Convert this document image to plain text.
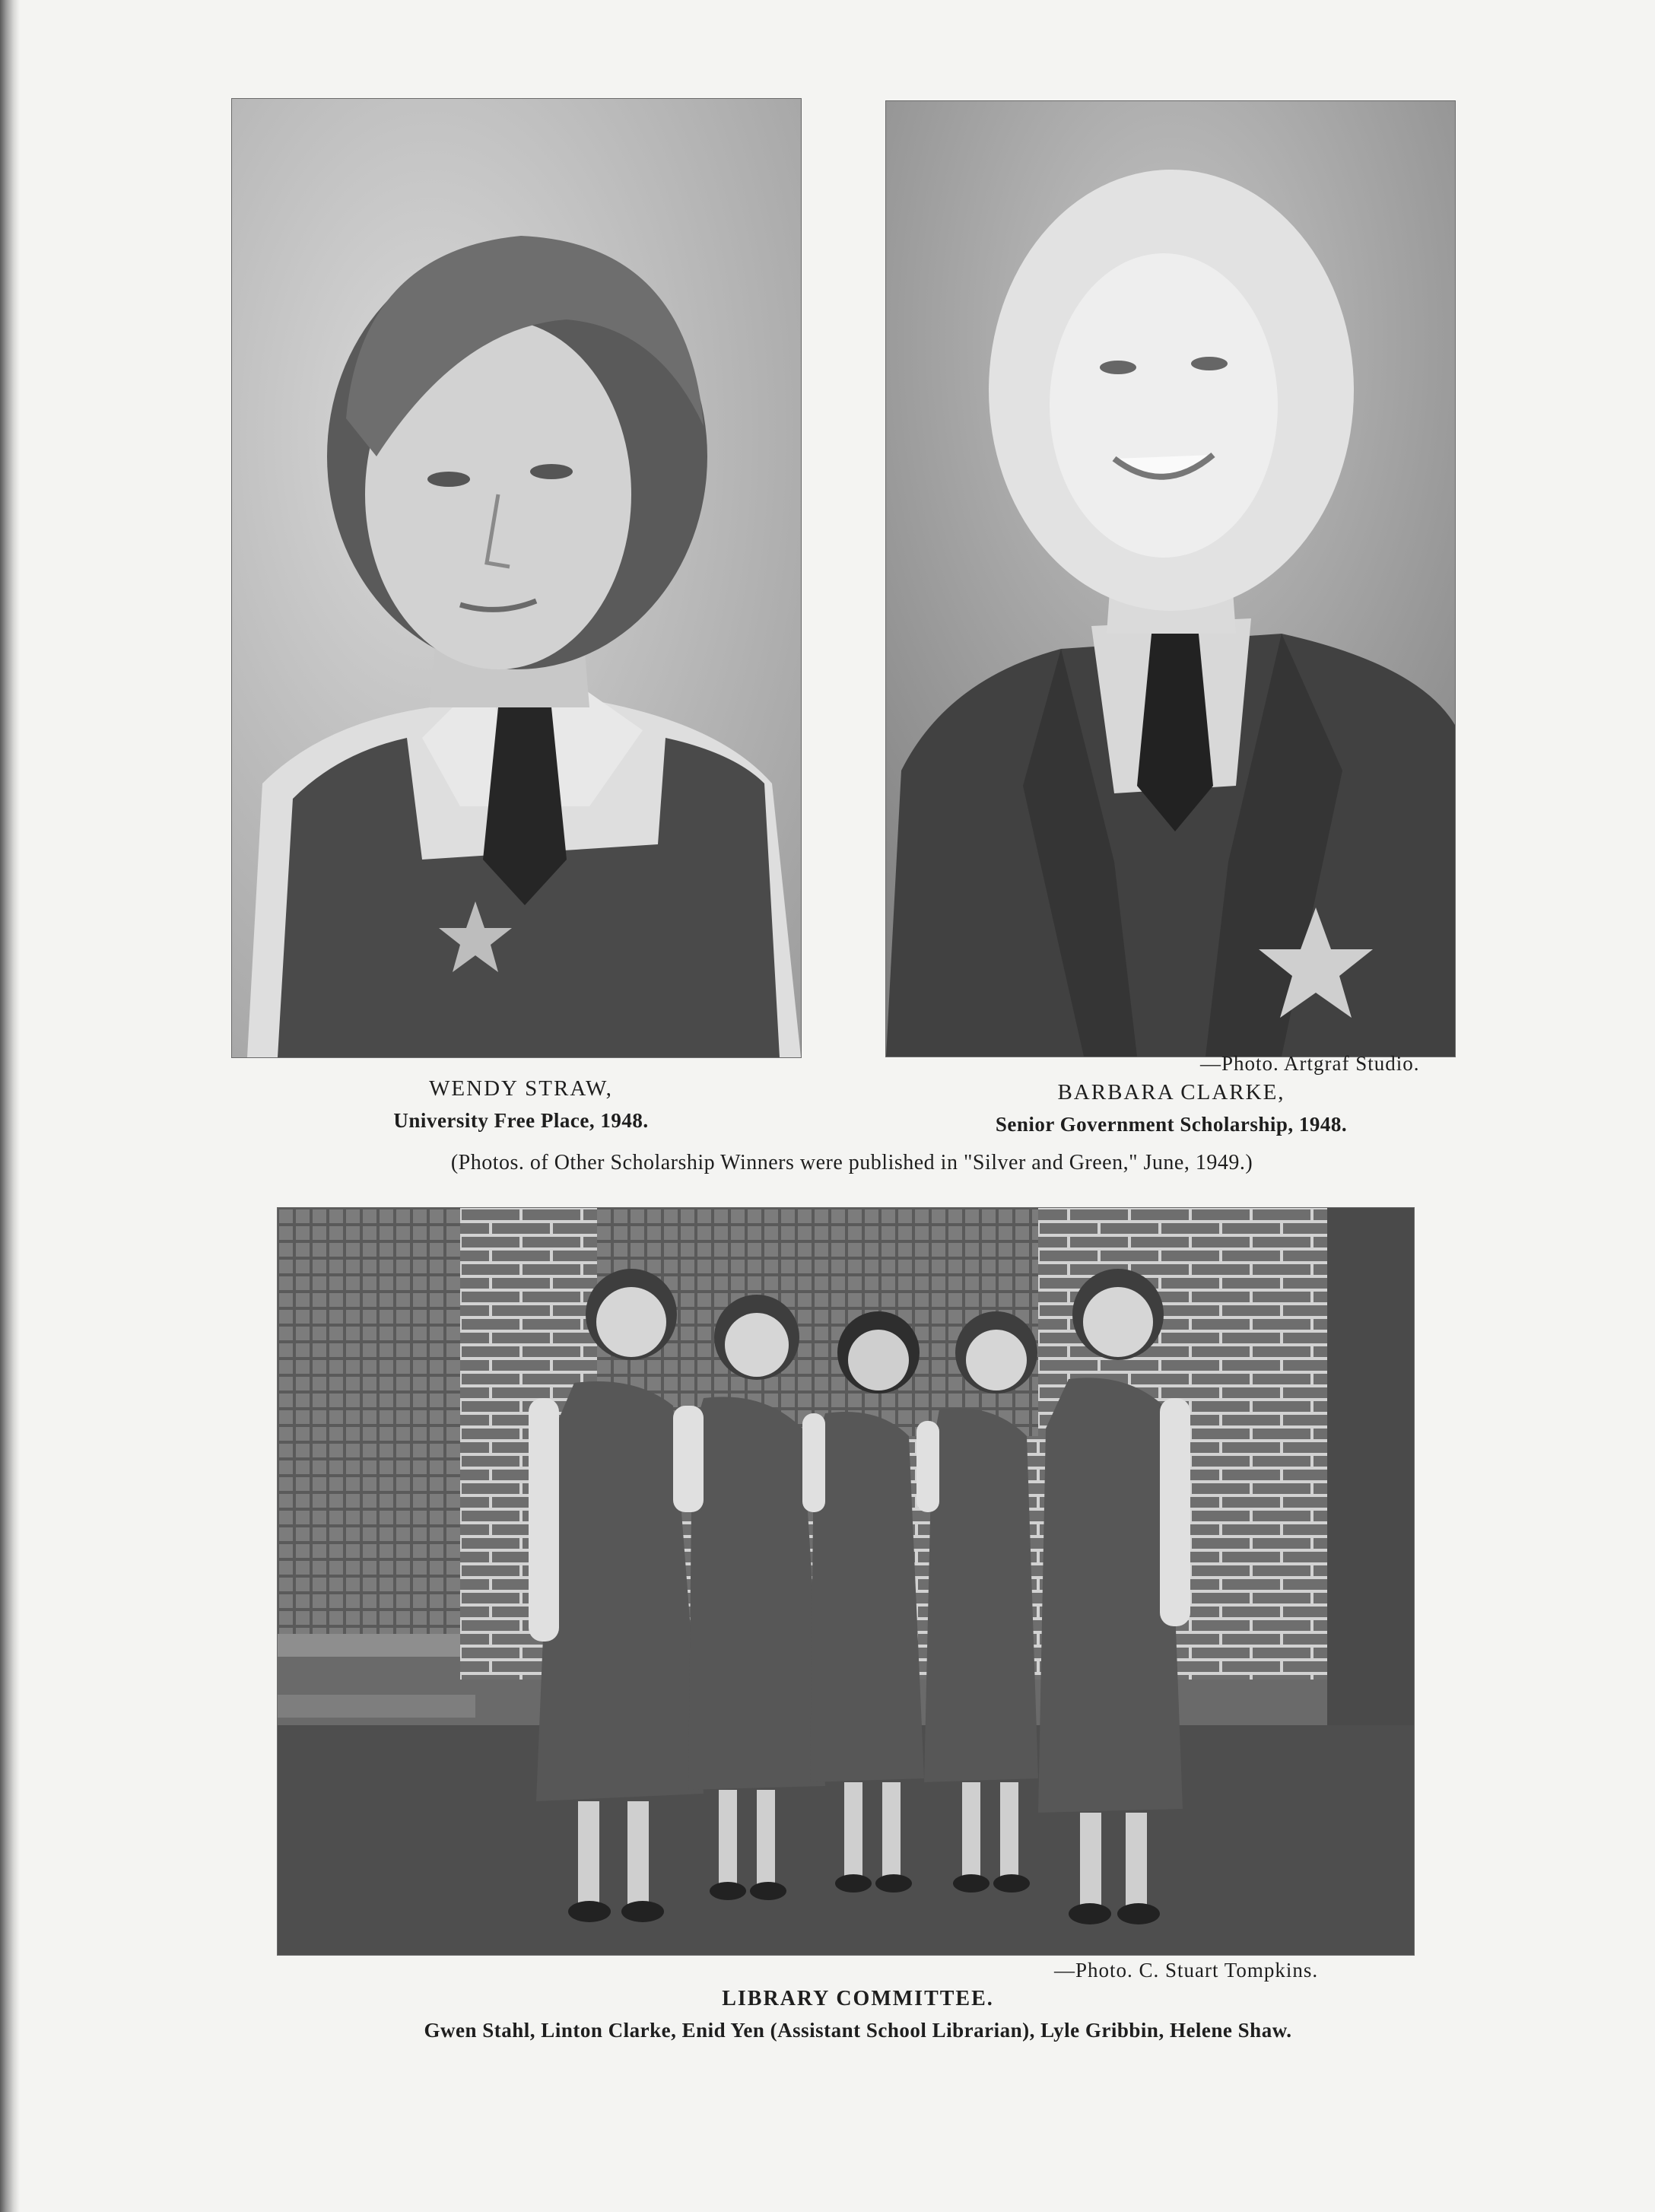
—Photo. Artgraf Studio.
WENDY STRAW,
University Free Place, 1948.
BARBARA CLARKE,
Senior Government Scholarship, 1948.
(Photos. of Other Scholarship Winners were published in "Silver and Green," June, 1949.)
—Photo. C. Stuart Tompkins.
LIBRARY COMMITTEE.
Gwen Stahl, Linton Clarke, Enid Yen (Assistant School Librarian), Lyle Gribbin, Helene Shaw.
